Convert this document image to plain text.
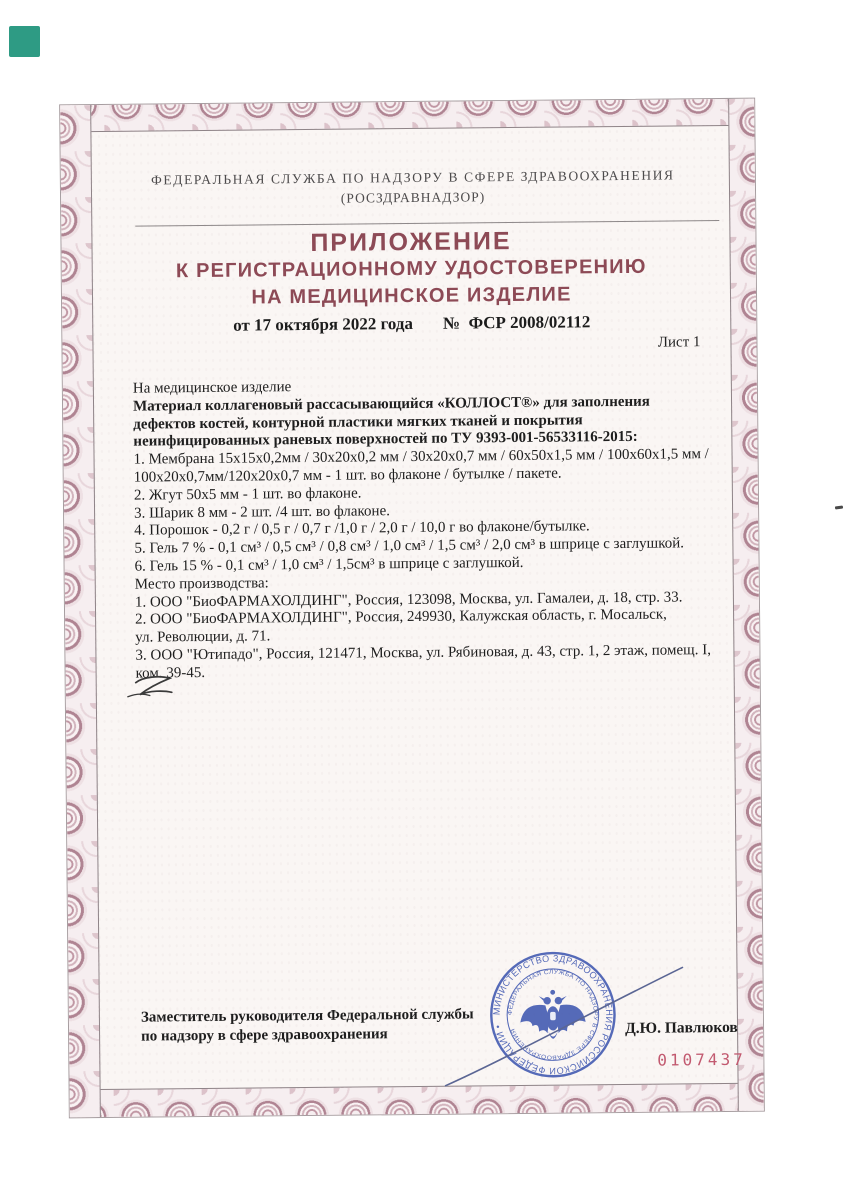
ФЕДЕРАЛЬНАЯ СЛУЖБА ПО НАДЗОРУ В СФЕРЕ ЗДРАВООХРАНЕНИЯ
(РОСЗДРАВНАДЗОР)
ПРИЛОЖЕНИЕ
К РЕГИСТРАЦИОННОМУ УДОСТОВЕРЕНИЮ
НА МЕДИЦИНСКОЕ ИЗДЕЛИЕ
от 17 октября 2022 года № ФСР 2008/02112
Лист 1
На медицинское изделие
Материал коллагеновый рассасывающийся «КОЛЛОСТ®» для заполнения
дефектов костей, контурной пластики мягких тканей и покрытия
неинфицированных раневых поверхностей по ТУ 9393-001-56533116-2015:
1. Мембрана 15х15х0,2мм / 30х20х0,2 мм / 30х20х0,7 мм / 60х50х1,5 мм / 100х60х1,5 мм /
100х20х0,7мм/120х20х0,7 мм - 1 шт. во флаконе / бутылке / пакете.
2. Жгут 50х5 мм - 1 шт. во флаконе.
3. Шарик 8 мм - 2 шт. /4 шт. во флаконе.
4. Порошок - 0,2 г / 0,5 г / 0,7 г /1,0 г / 2,0 г / 10,0 г во флаконе/бутылке.
5. Гель 7 % - 0,1 см³ / 0,5 см³ / 0,8 см³ / 1,0 см³ / 1,5 см³ / 2,0 см³ в шприце с заглушкой.
6. Гель 15 % - 0,1 см³ / 1,0 см³ / 1,5см³ в шприце с заглушкой.
Место производства:
1. ООО "БиоФАРМАХОЛДИНГ", Россия, 123098, Москва, ул. Гамалеи, д. 18, стр. 33.
2. ООО "БиоФАРМАХОЛДИНГ", Россия, 249930, Калужская область, г. Мосальск,
ул. Революции, д. 71.
3. ООО "Ютипадо", Россия, 121471, Москва, ул. Рябиновая, д. 43, стр. 1, 2 этаж, помещ. I,
ком. 39-45.
Заместитель руководителя Федеральной службы
по надзору в сфере здравоохранения	Д.Ю. Павлюков
0107437
МИНИСТЕРСТВО ЗДРАВООХРАНЕНИЯ РОССИЙСКОЙ ФЕДЕРАЦИИ •
ФЕДЕРАЛЬНАЯ СЛУЖБА ПО НАДЗОРУ В СФЕРЕ ЗДРАВООХРАНЕНИЯ
